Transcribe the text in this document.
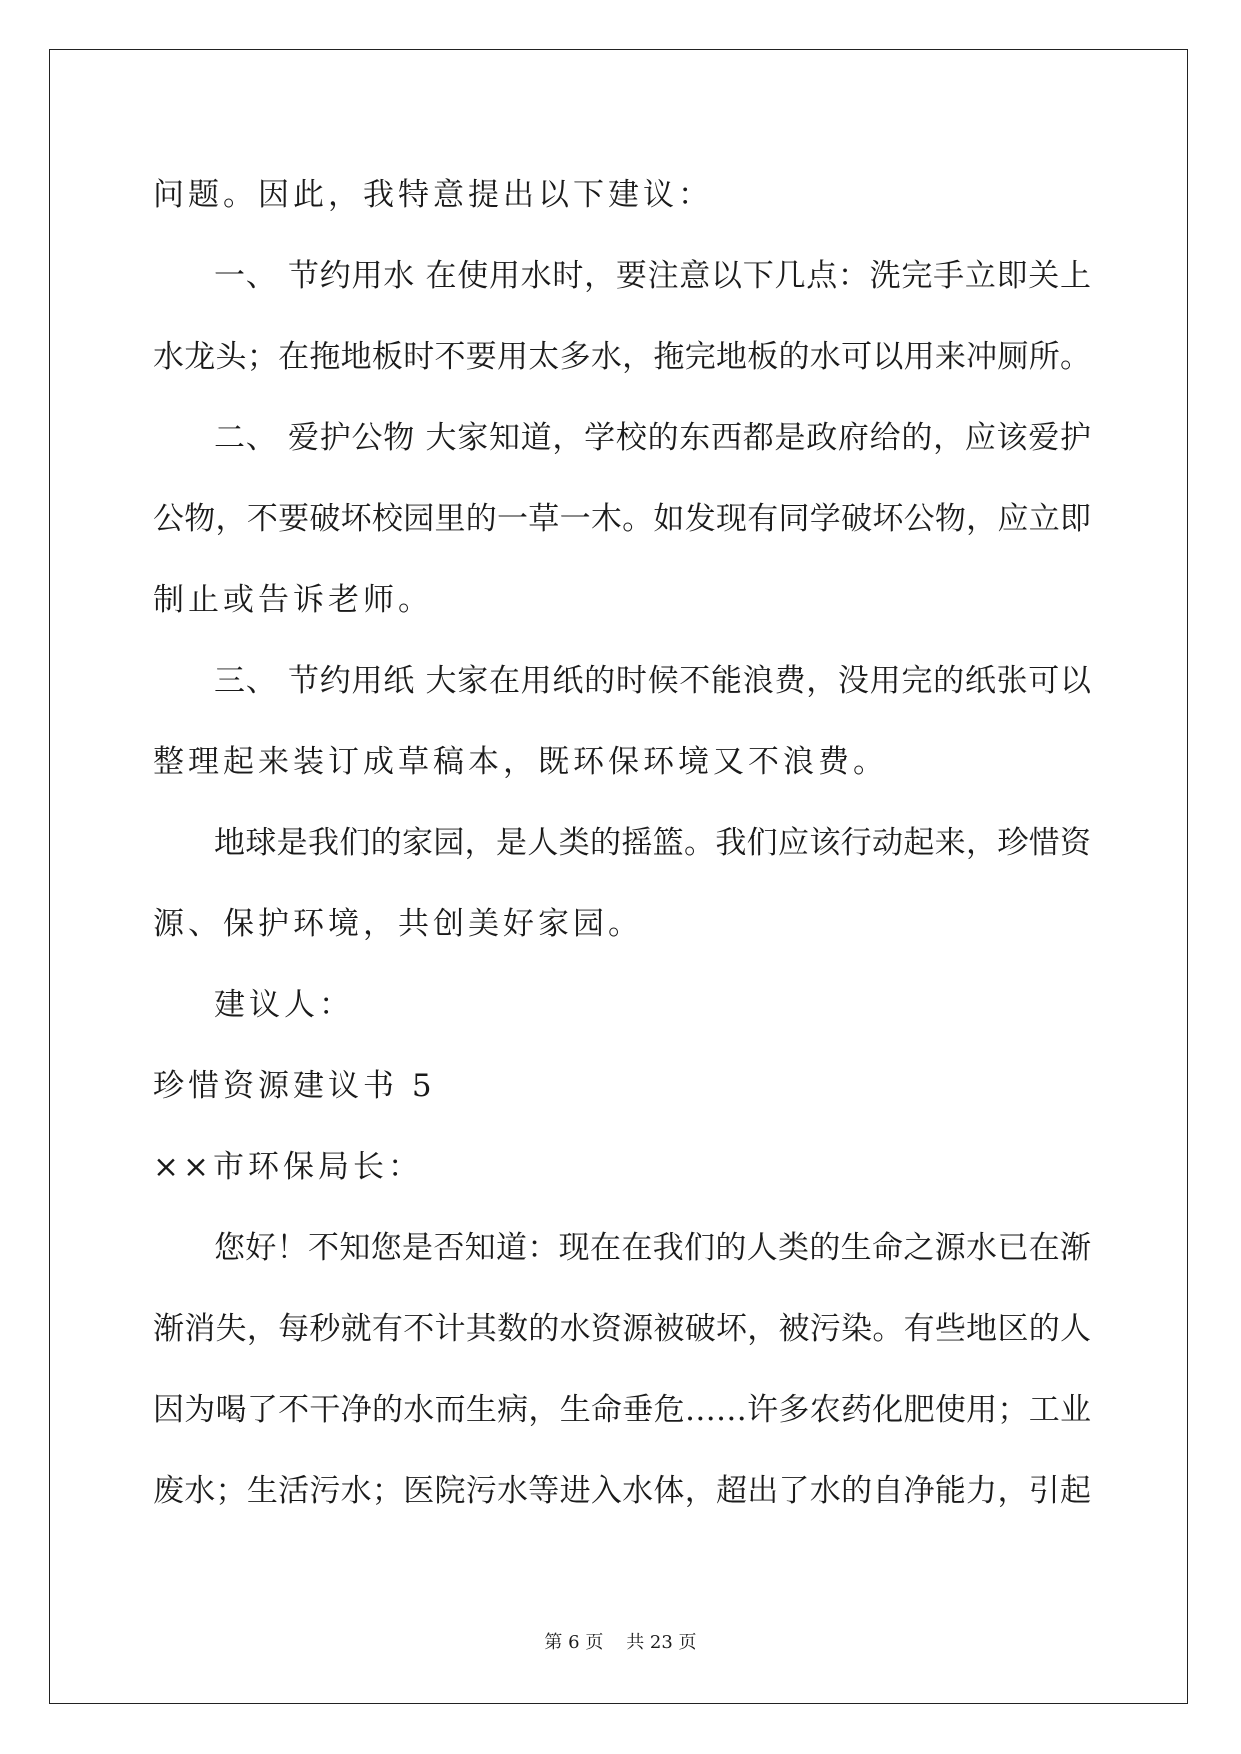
问题。因此，我特意提出以下建议：
一、 节约用水 在使用水时，要注意以下几点：洗完手立即关上
水龙头；在拖地板时不要用太多水，拖完地板的水可以用来冲厕所。
二、 爱护公物 大家知道，学校的东西都是政府给的，应该爱护
公物，不要破坏校园里的一草一木。如发现有同学破坏公物，应立即
制止或告诉老师。
三、 节约用纸 大家在用纸的时候不能浪费，没用完的纸张可以
整理起来装订成草稿本，既环保环境又不浪费。
地球是我们的家园，是人类的摇篮。我们应该行动起来，珍惜资
源、保护环境，共创美好家园。
建议人：
珍惜资源建议书 5
××市环保局长：
您好！不知您是否知道：现在在我们的人类的生命之源水已在渐
渐消失，每秒就有不计其数的水资源被破坏，被污染。有些地区的人
因为喝了不干净的水而生病，生命垂危……许多农药化肥使用；工业
废水；生活污水；医院污水等进入水体，超出了水的自净能力，引起
第 6 页    共 23 页
